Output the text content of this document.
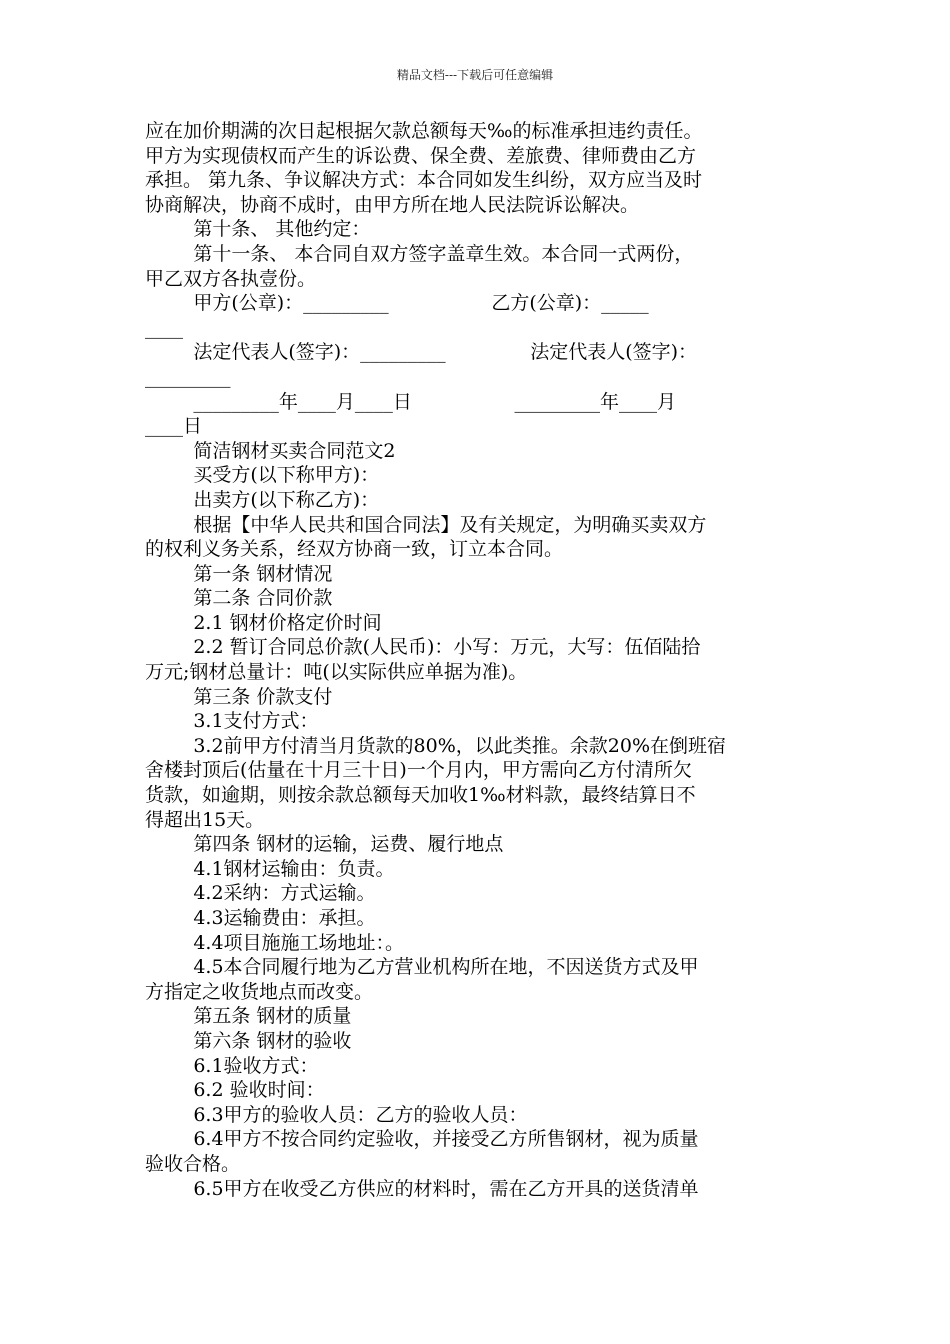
精品文档---下载后可任意编辑

应在加价期满的次日起根据欠款总额每天‰的标准承担违约责任。

甲方为实现债权而产生的诉讼费、保全费、差旅费、律师费由乙方

承担。 第九条、争议解决方式：本合同如发生纠纷，双方应当及时

协商解决，协商不成时，由甲方所在地人民法院诉讼解决。

第十条、 其他约定：

第十一条、 本合同自双方签字盖章生效。本合同一式两份，

甲乙双方各执壹份。

甲方(公章)：_________                 乙方(公章)：_____

____

法定代表人(签字)：_________              法定代表人(签字)：

_________

_________年____月____日                 _________年____月

____日

简洁钢材买卖合同范文2

买受方(以下称甲方)：

出卖方(以下称乙方)：

根据【中华人民共和国合同法】及有关规定，为明确买卖双方

的权利义务关系，经双方协商一致，订立本合同。

第一条 钢材情况

第二条 合同价款

2.1 钢材价格定价时间

2.2 暂订合同总价款(人民币)：小写：万元，大写：伍佰陆拾

万元;钢材总量计：吨(以实际供应单据为准)。

第三条 价款支付

3.1支付方式：

3.2前甲方付清当月货款的80%，以此类推。余款20%在倒班宿

舍楼封顶后(估量在十月三十日)一个月内，甲方需向乙方付清所欠

货款，如逾期，则按余款总额每天加收1‰材料款，最终结算日不

得超出15天。

第四条 钢材的运输，运费、履行地点

4.1钢材运输由：负责。

4.2采纳：方式运输。

4.3运输费由：承担。

4.4项目施施工场地址：。

4.5本合同履行地为乙方营业机构所在地，不因送货方式及甲

方指定之收货地点而改变。

第五条 钢材的质量

第六条 钢材的验收

6.1验收方式：

6.2 验收时间：

6.3甲方的验收人员：乙方的验收人员：

6.4甲方不按合同约定验收，并接受乙方所售钢材，视为质量

验收合格。

6.5甲方在收受乙方供应的材料时，需在乙方开具的送货清单
